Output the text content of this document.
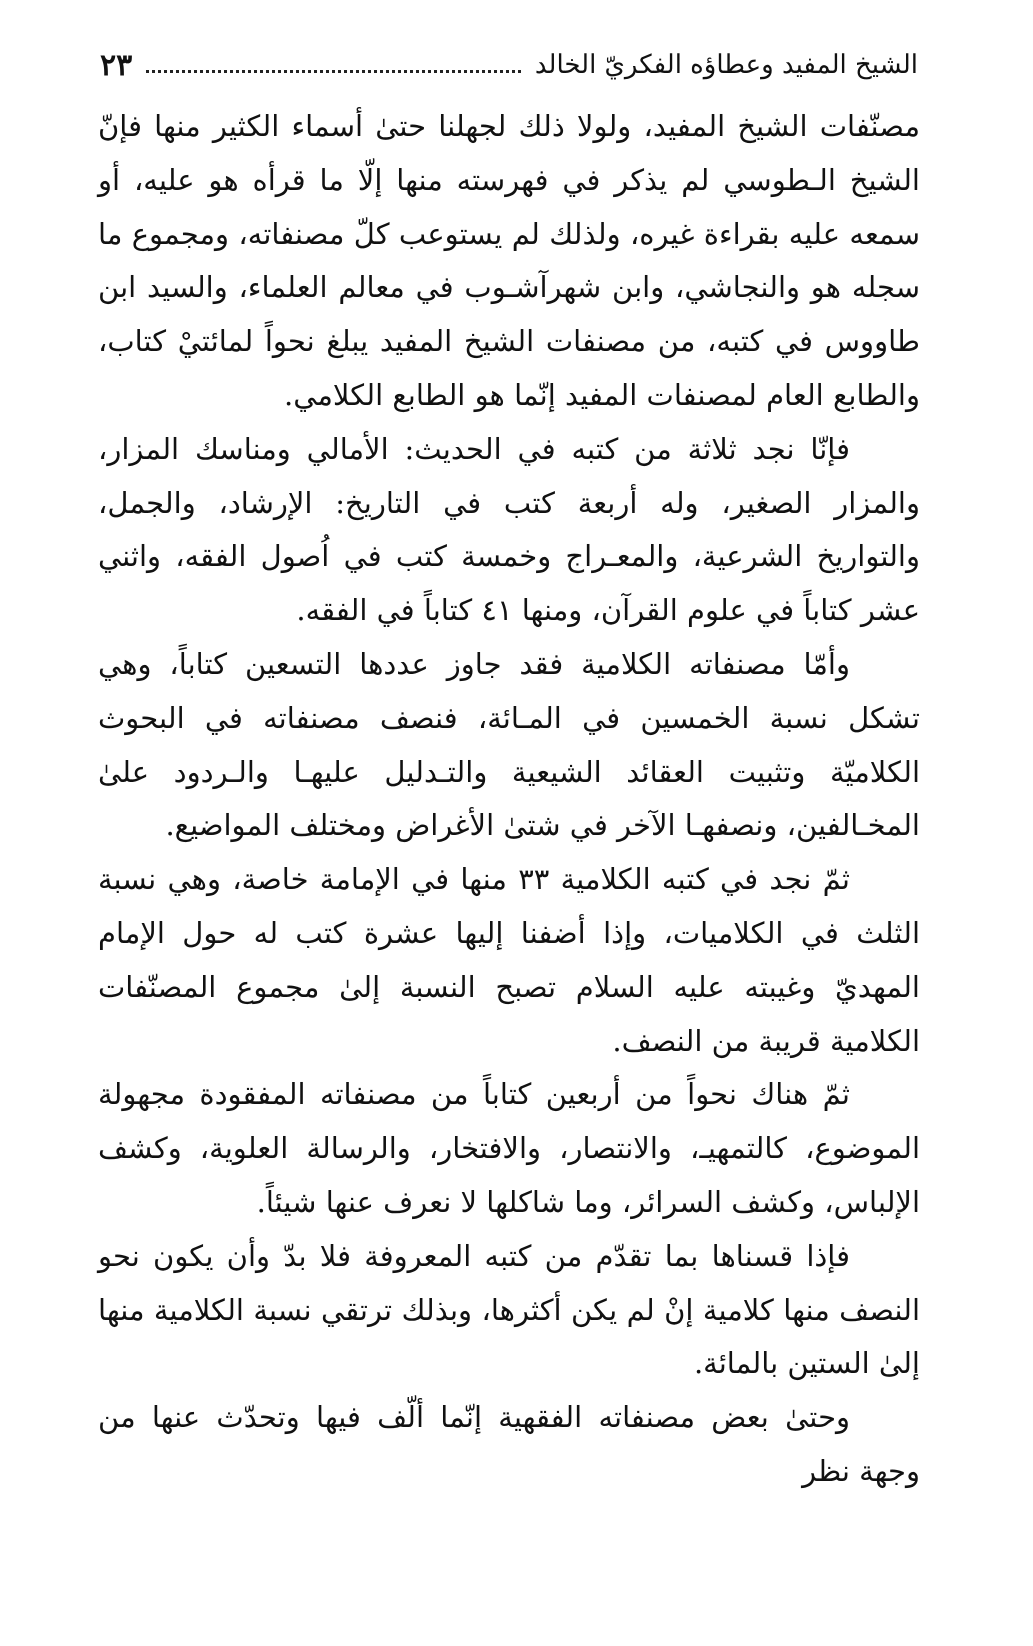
الشيخ المفيد وعطاؤه الفكريّ الخالد
٢٣

مصنّفات الشيخ المفيد، ولولا ذلك لجهلنا حتىٰ أسماء الكثير منها فإنّ الشيخ الـطوسي لم يذكر في فهرسته منها إلّا ما قرأه هو عليه، أو سمعه عليه بقراءة غيره، ولذلك لم يستوعب كلّ مصنفاته، ومجموع ما سجله هو والنجاشي، وابن شهرآشـوب في معالم العلماء، والسيد ابن طاووس في كتبه، من مصنفات الشيخ المفيد يبلغ نحواً لمائتيْ كتاب، والطابع العام لمصنفات المفيد إنّما هو الطابع الكلامي.

فإنّا نجد ثلاثة من كتبه في الحديث: الأمالي ومناسك المزار، والمزار الصغير، وله أربعة كتب في التاريخ: الإرشاد، والجمل، والتواريخ الشرعية، والمعـراج وخمسة كتب في اُصول الفقه، واثني عشر كتاباً في علوم القرآن، ومنها ٤١ كتاباً في الفقه.

وأمّا مصنفاته الكلامية فقد جاوز عددها التسعين كتاباً، وهي تشكل نسبة الخمسين في المـائة، فنصف مصنفاته في البحوث الكلاميّة وتثبيت العقائد الشيعية والتـدليل عليهـا والـردود علىٰ المخـالفين، ونصفهـا الآخر في شتىٰ الأغراض ومختلف المواضيع.

ثمّ نجد في كتبه الكلامية ٣٣ منها في الإمامة خاصة، وهي نسبة الثلث في الكلاميات، وإذا أضفنا إليها عشرة كتب له حول الإمام المهديّ وغيبته عليه السلام تصبح النسبة إلىٰ مجموع المصنّفات الكلامية قريبة من النصف.

ثمّ هناك نحواً من أربعين كتاباً من مصنفاته المفقودة مجهولة الموضوع، كالتمهيـ، والانتصار، والافتخار، والرسالة العلوية، وكشف الإلباس، وكشف السرائر، وما شاكلها لا نعرف عنها شيئاً.

فإذا قسناها بما تقدّم من كتبه المعروفة فلا بدّ وأن يكون نحو النصف منها كلامية إنْ لم يكن أكثرها، وبذلك ترتقي نسبة الكلامية منها إلىٰ الستين بالمائة.

وحتىٰ بعض مصنفاته الفقهية إنّما ألّف فيها وتحدّث عنها من وجهة نظر
